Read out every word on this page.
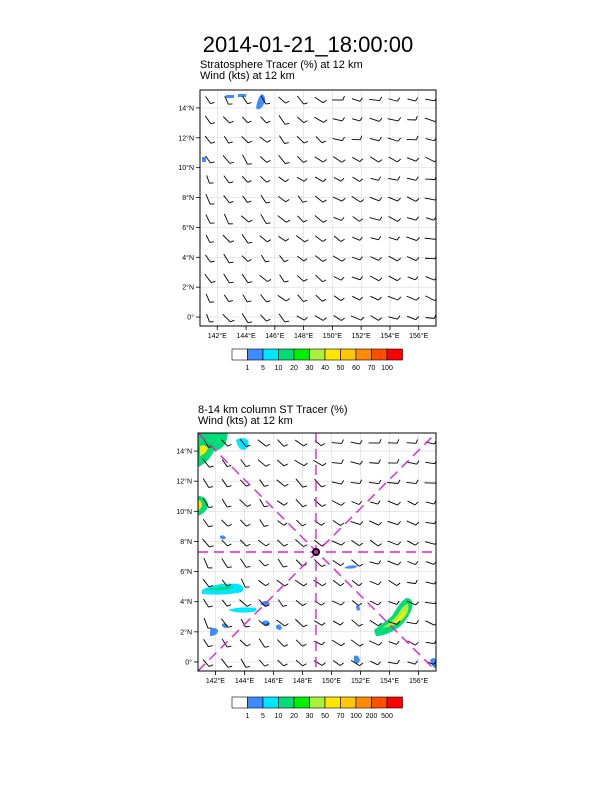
2014-01-21_18:00:00
Stratosphere Tracer (%) at 12 km
Wind (kts) at 12 km
142°E 144°E 146°E 148°E 150°E 152°E 154°E 156°E
0°
2°N
4°N
6°N
8°N
10°N
12°N
14°N
1 5 10 20 30 40 50 60 70 100
8-14 km column ST Tracer (%)
Wind (kts) at 12 km
142°E 144°E 146°E 148°E 150°E 152°E 154°E 156°E
0°
2°N
4°N
6°N
8°N
10°N
12°N
14°N
1 5 10 20 30 50 70 100 200 500
